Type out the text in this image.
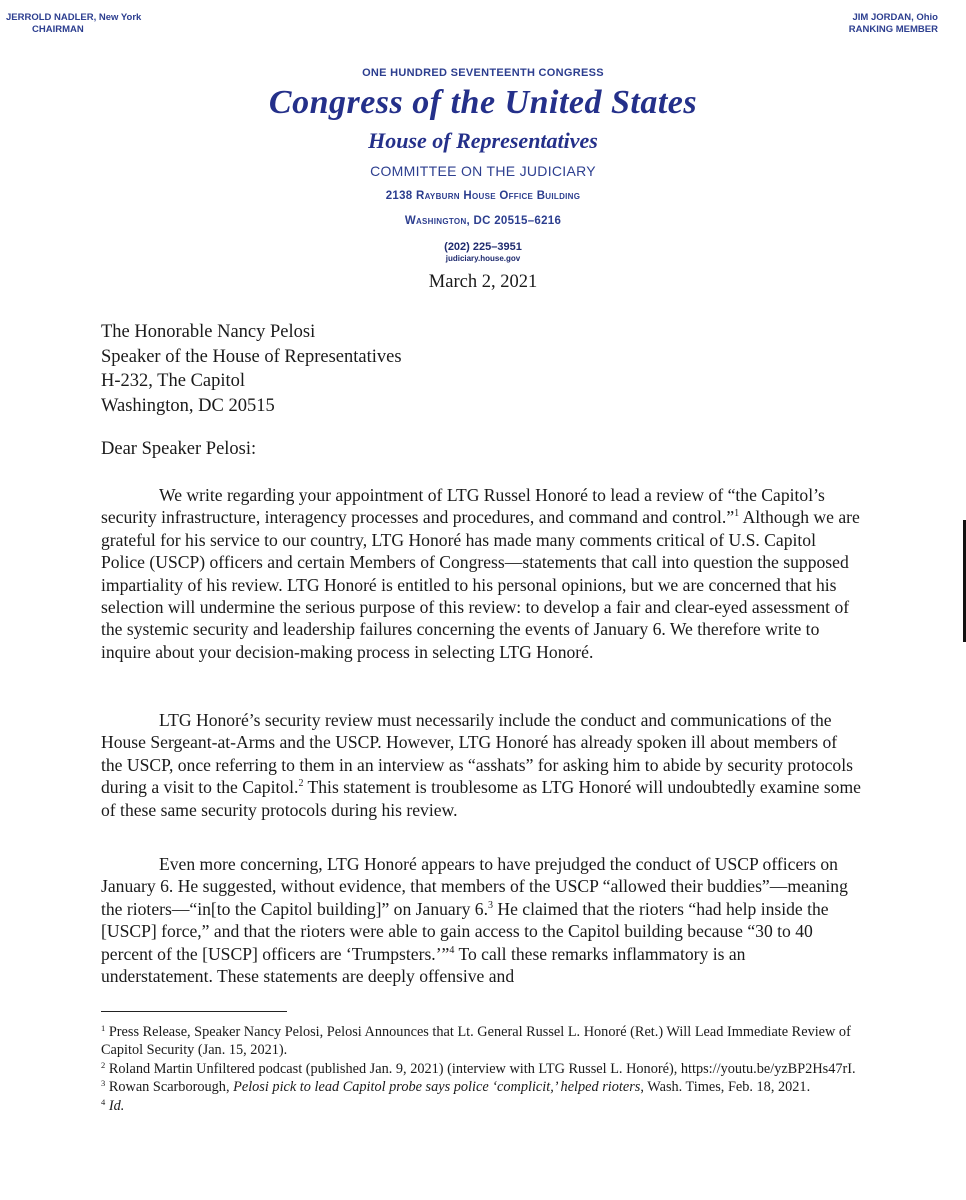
JERROLD NADLER, New York
CHAIRMAN
JIM JORDAN, Ohio
RANKING MEMBER
ONE HUNDRED SEVENTEENTH CONGRESS
Congress of the United States
House of Representatives
COMMITTEE ON THE JUDICIARY
2138 Rayburn House Office Building
Washington, DC 20515–6216
(202) 225–3951
judiciary.house.gov
March 2, 2021
The Honorable Nancy Pelosi
Speaker of the House of Representatives
H-232, The Capitol
Washington, DC 20515
Dear Speaker Pelosi:

We write regarding your appointment of LTG Russel Honoré to lead a review of “the Capitol’s security infrastructure, interagency processes and procedures, and command and control.”$^1$ Although we are grateful for his service to our country, LTG Honoré has made many comments critical of U.S. Capitol Police (USCP) officers and certain Members of Congress—statements that call into question the supposed impartiality of his review. LTG Honoré is entitled to his personal opinions, but we are concerned that his selection will undermine the serious purpose of this review: to develop a fair and clear-eyed assessment of the systemic security and leadership failures concerning the events of January 6. We therefore write to inquire about your decision-making process in selecting LTG Honoré.

LTG Honoré’s security review must necessarily include the conduct and communications of the House Sergeant-at-Arms and the USCP. However, LTG Honoré has already spoken ill about members of the USCP, once referring to them in an interview as “asshats” for asking him to abide by security protocols during a visit to the Capitol.$^2$ This statement is troublesome as LTG Honoré will undoubtedly examine some of these same security protocols during his review.

Even more concerning, LTG Honoré appears to have prejudged the conduct of USCP officers on January 6. He suggested, without evidence, that members of the USCP “allowed their buddies”—meaning the rioters—“in[to the Capitol building]” on January 6.$^3$ He claimed that the rioters “had help inside the [USCP] force,” and that the rioters were able to gain access to the Capitol building because “30 to 40 percent of the [USCP] officers are ‘Trumpsters.’”$^4$ To call these remarks inflammatory is an understatement. These statements are deeply offensive and

$^1$ Press Release, Speaker Nancy Pelosi, Pelosi Announces that Lt. General Russel L. Honoré (Ret.) Will Lead Immediate Review of Capitol Security (Jan. 15, 2021).
$^2$ Roland Martin Unfiltered podcast (published Jan. 9, 2021) (interview with LTG Russel L. Honoré), https://youtu.be/yzBP2Hs47rI.
$^3$ Rowan Scarborough, Pelosi pick to lead Capitol probe says police ‘complicit,’ helped rioters, Wash. Times, Feb. 18, 2021.
$^4$ Id.
